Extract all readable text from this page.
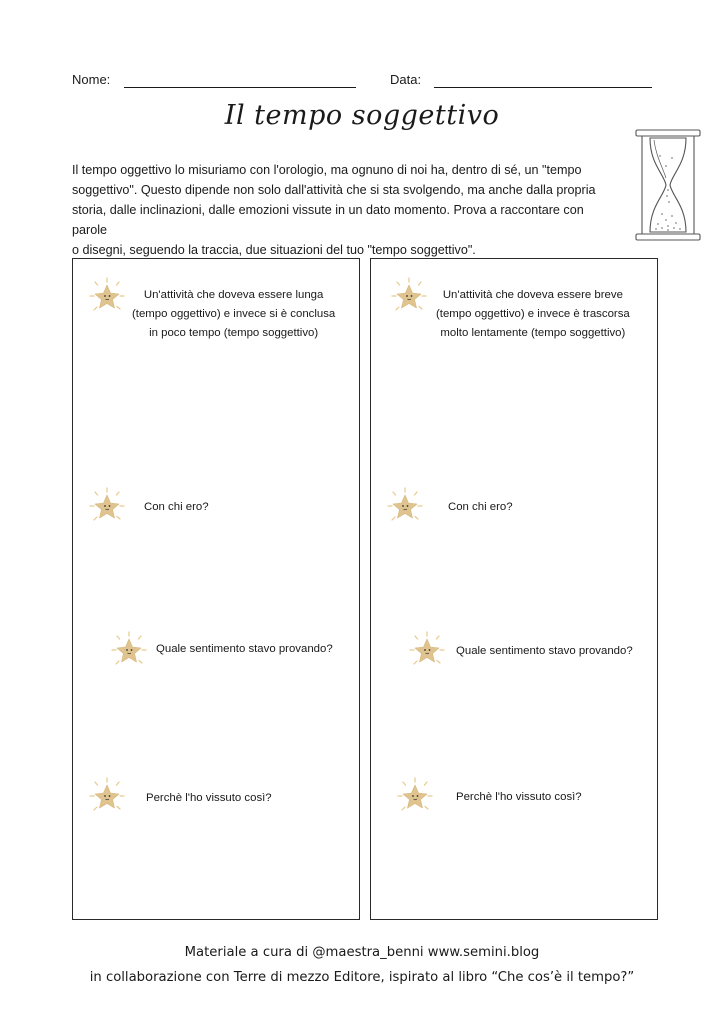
Nome:	Data:
Il tempo soggettivo
Il tempo oggettivo lo misuriamo con l'orologio, ma ognuno di noi ha, dentro di sé, un "tempo
soggettivo". Questo dipende non solo dall'attività che si sta svolgendo, ma anche dalla propria
storia, dalle inclinazioni, dalle emozioni vissute in un dato momento. Prova a raccontare con parole
o disegni, seguendo la traccia, due situazioni del tuo "tempo soggettivo".
Un'attività che doveva essere lunga
(tempo oggettivo) e invece si è conclusa
in poco tempo (tempo soggettivo)
Con chi ero?
Quale sentimento stavo provando?
Perchè l'ho vissuto così?
Un'attività che doveva essere breve
(tempo oggettivo) e invece è trascorsa
molto lentamente (tempo soggettivo)
Con chi ero?
Quale sentimento stavo provando?
Perchè l'ho vissuto così?
Materiale a cura di @maestra_benni www.semini.blog
in collaborazione con Terre di mezzo Editore, ispirato al libro “Che cos’è il tempo?”
